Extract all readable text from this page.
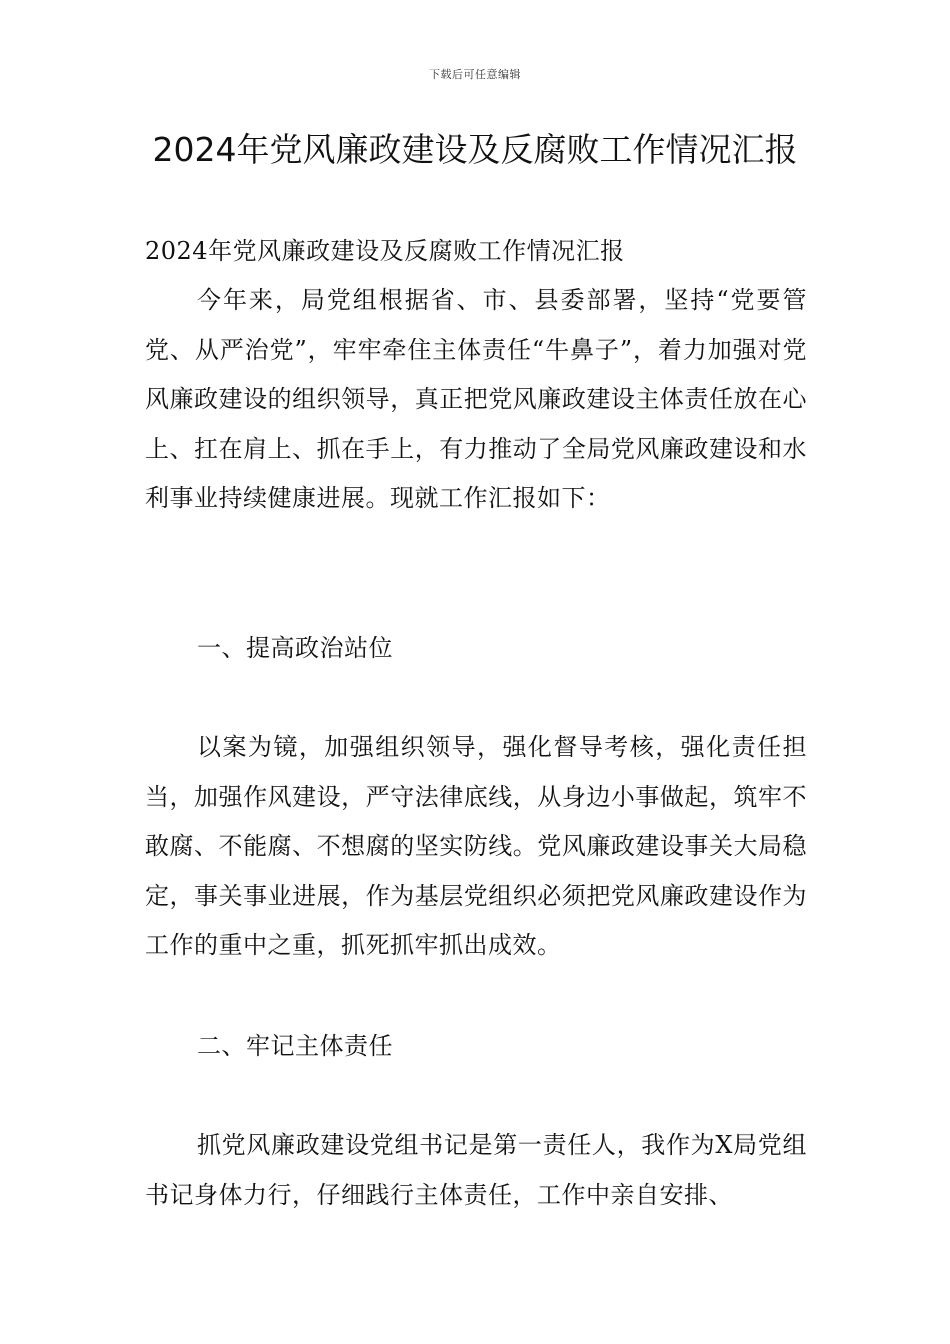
下载后可任意编辑
2024年党风廉政建设及反腐败工作情况汇报

2024年党风廉政建设及反腐败工作情况汇报

今年来，局党组根据省、市、县委部署，坚持“党要管党、从严治党”，牢牢牵住主体责任“牛鼻子”，着力加强对党风廉政建设的组织领导，真正把党风廉政建设主体责任放在心上、扛在肩上、抓在手上，有力推动了全局党风廉政建设和水利事业持续健康进展。现就工作汇报如下：

一、提高政治站位

以案为镜，加强组织领导，强化督导考核，强化责任担当，加强作风建设，严守法律底线，从身边小事做起，筑牢不敢腐、不能腐、不想腐的坚实防线。党风廉政建设事关大局稳定，事关事业进展，作为基层党组织必须把党风廉政建设作为工作的重中之重，抓死抓牢抓出成效。

二、牢记主体责任

抓党风廉政建设党组书记是第一责任人，我作为X局党组书记身体力行，仔细践行主体责任，工作中亲自安排、
